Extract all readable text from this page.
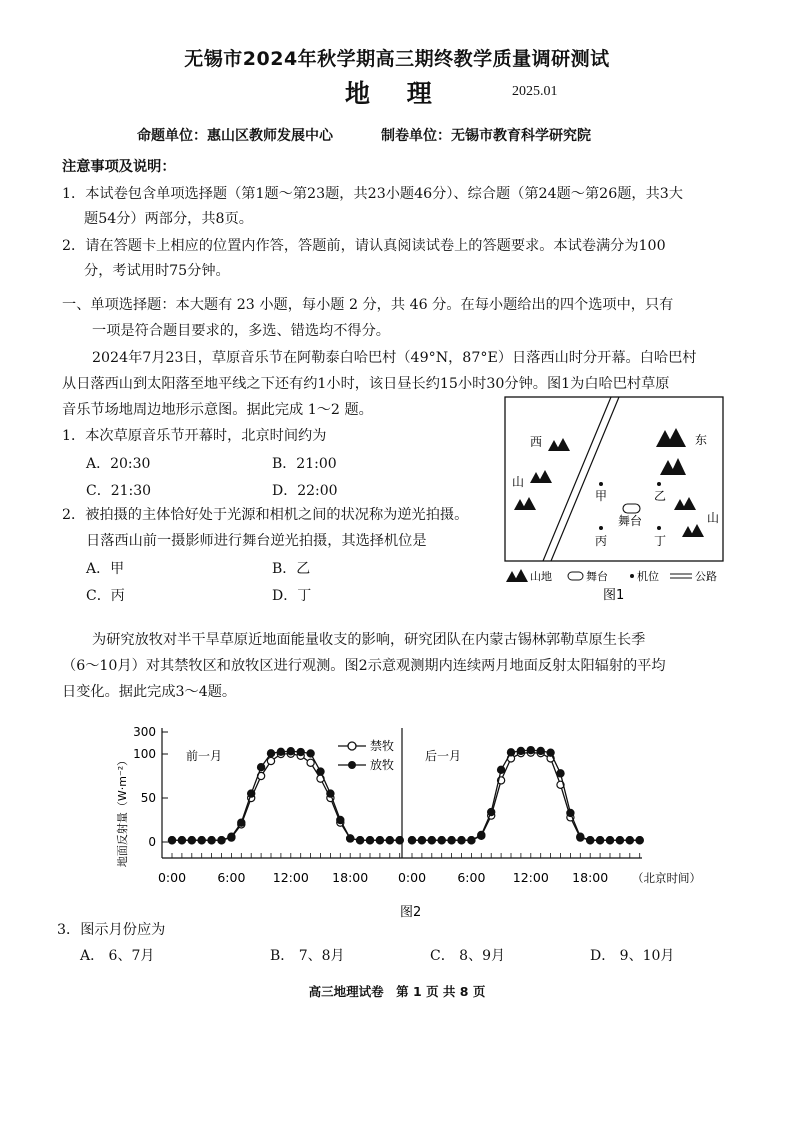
无锡市2024年秋学期高三期终教学质量调研测试
地 理	2025.01
命题单位：惠山区教师发展中心	制卷单位：无锡市教育科学研究院
注意事项及说明：
1．本试卷包含单项选择题（第1题～第23题，共23小题46分）、综合题（第24题～第26题，共3大
题54分）两部分，共8页。
2．请在答题卡上相应的位置内作答，答题前，请认真阅读试卷上的答题要求。本试卷满分为100
分，考试用时75分钟。
一、单项选择题：本大题有 23 小题，每小题 2 分，共 46 分。在每小题给出的四个选项中，只有
一项是符合题目要求的，多选、错选均不得分。
2024年7月23日，草原音乐节在阿勒泰白哈巴村（49°N，87°E）日落西山时分开幕。白哈巴村
从日落西山到太阳落至地平线之下还有约1小时，该日昼长约15小时30分钟。图1为白哈巴村草原
音乐节场地周边地形示意图。据此完成 1～2 题。
1．本次草原音乐节开幕时，北京时间约为
A．20:30	B．21:00
C．21:30	D．22:00
2．被拍摄的主体恰好处于光源和相机之间的状况称为逆光拍摄。
日落西山前一摄影师进行舞台逆光拍摄，其选择机位是
A．甲	B．乙
C．丙	D．丁
西
山
东
山
甲	乙
丙	丁
舞台
山地	舞台	机位	公路
图1
为研究放牧对半干旱草原近地面能量收支的影响，研究团队在内蒙古锡林郭勒草原生长季
（6～10月）对其禁牧区和放牧区进行观测。图2示意观测期内连续两月地面反射太阳辐射的平均
日变化。据此完成3～4题。
地面反射量（W·m⁻²） 0
50
100
300
0:00	6:00 12:00 18:00 0:00	6:00 12:00 18:00
前一月	后一月
禁牧
放牧
（北京时间）
图2
3．图示月份应为
A． 6、7月	B． 7、8月	C． 8、9月	D． 9、10月
高三地理试卷　第 1 页 共 8 页
